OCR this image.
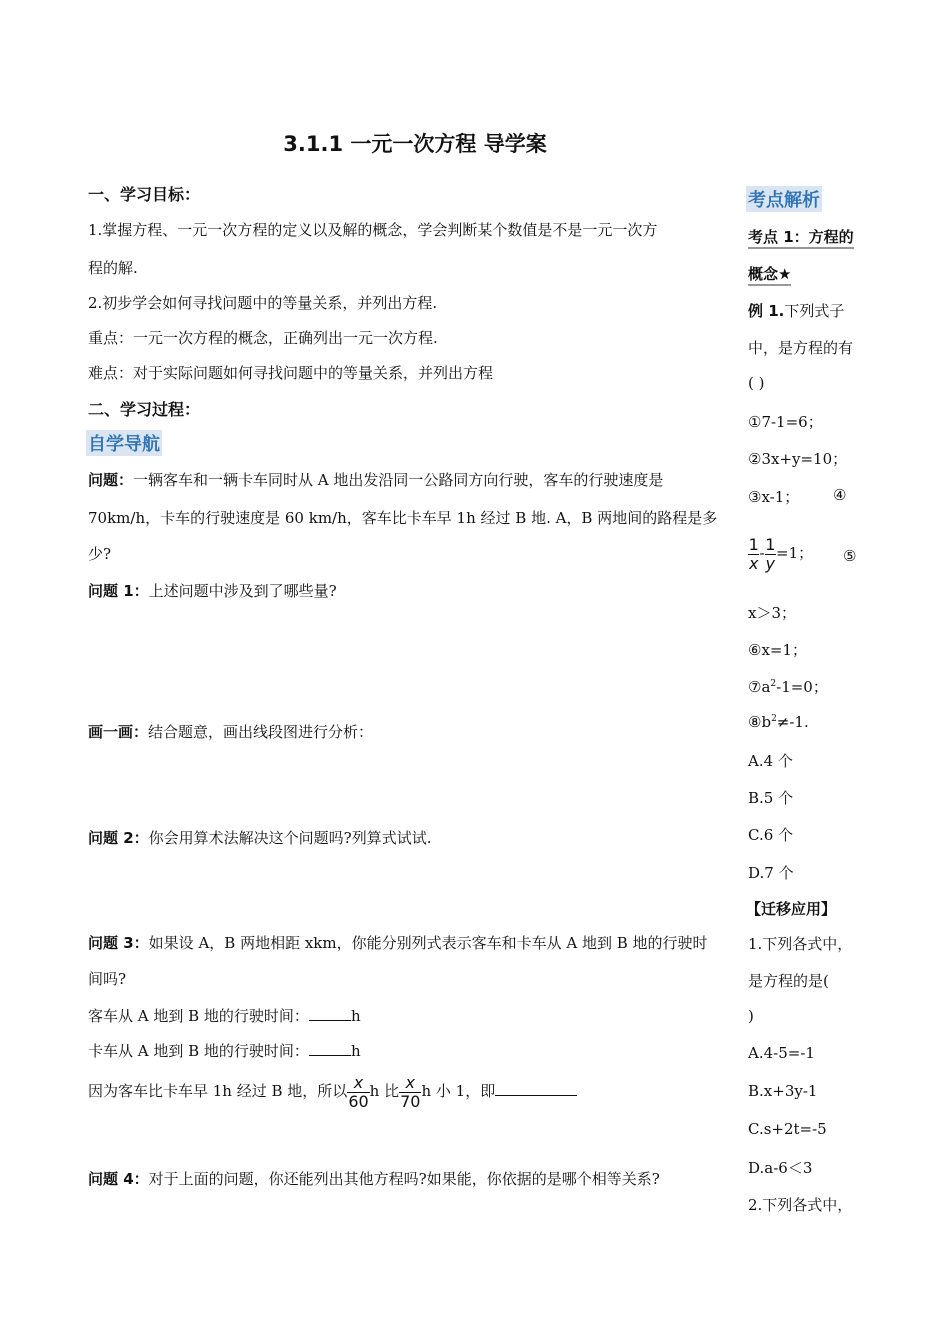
3.1.1 一元一次方程 导学案
一、学习目标：
1.掌握方程、一元一次方程的定义以及解的概念，学会判断某个数值是不是一元一次方
程的解.
2.初步学会如何寻找问题中的等量关系，并列出方程.
重点：一元一次方程的概念，正确列出一元一次方程.
难点：对于实际问题如何寻找问题中的等量关系，并列出方程
二、学习过程：
自学导航
问题：一辆客车和一辆卡车同时从 A 地出发沿同一公路同方向行驶，客车的行驶速度是
70km/h，卡车的行驶速度是 60 km/h，客车比卡车早 1h 经过 B 地. A，B 两地间的路程是多
少?
问题 1：上述问题中涉及到了哪些量?
画一画：结合题意，画出线段图进行分析：
问题 2：你会用算术法解决这个问题吗?列算式试试.
问题 3：如果设 A，B 两地相距 xkm，你能分别列式表示客车和卡车从 A 地到 B 地的行驶时
间吗?
客车从 A 地到 B 地的行驶时间：	h
卡车从 A 地到 B 地的行驶时间：	h
因为客车比卡车早 1h 经过 B 地，所以 $\frac{x}{60}$ h 比 $\frac{x}{70}$ h 小 1，即
问题 4：对于上面的问题，你还能列出其他方程吗?如果能，你依据的是哪个相等关系?
考点解析
考点 1：方程的
概念★
例 1.下列式子
中，是方程的有
( )
①7-1=6；
②3x+y=10；
③x-1； ④
$\frac{1}{x} - \frac{1}{y} =1$； ⑤
x＞3；
⑥x=1；
$⑦a^2-1=0$；
$⑧b^2\ne-1$.
A.4 个
B.5 个
C.6 个
D.7 个
【迁移应用】
1.下列各式中，
是方程的是(
)
A.4-5=-1
B.x+3y-1
C.s+2t=-5
D.a-6＜3
2.下列各式中，
